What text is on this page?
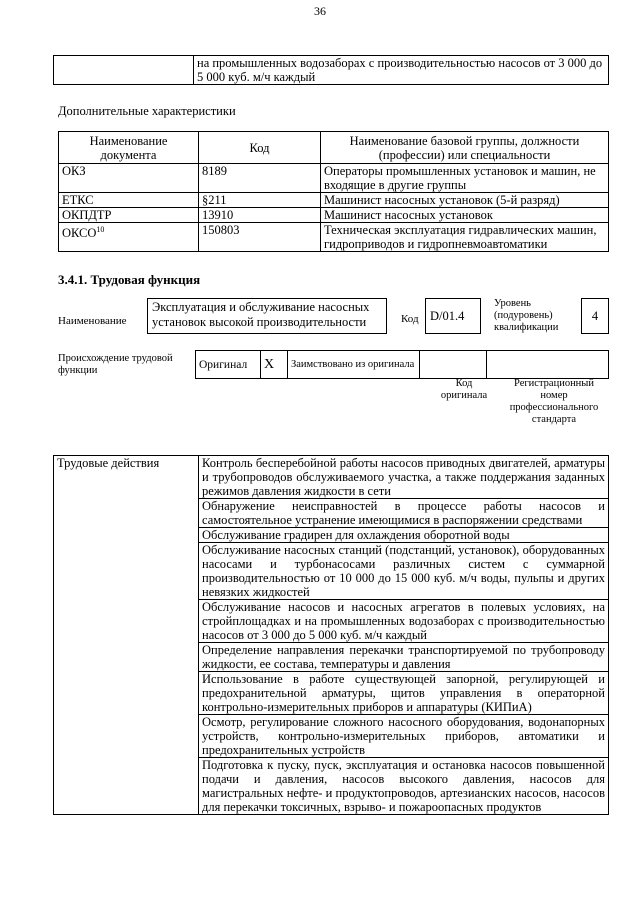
36
	на промышленных водозаборах с производительностью насосов от 3 000 до 5 000 куб. м/ч каждый
Дополнительные характеристики
Наименование документа	Код	Наименование базовой группы, должности (профессии) или специальности
ОКЗ	8189	Операторы промышленных установок и машин, не входящие в другие группы
ЕТКС	§211	Машинист насосных установок (5-й разряд)
ОКПДТР	13910	Машинист насосных установок
ОКСО$^{10}$	150803	Техническая эксплуатация гидравлических машин, гидроприводов и гидропневмоавтоматики
3.4.1. Трудовая функция
Наименование
Эксплуатация и обслуживание насосных установок высокой производительности	Код D/01.4
Уровень (подуровень) квалификации
4
Происхождение трудовой функции	Оригинал	X	Заимствовано из оригинала		
Код оригинала
Регистрационный номер профессионального стандарта
Трудовые действия	Контроль бесперебойной работы насосов приводных двигателей, арматуры и трубопроводов обслуживаемого участка, а также поддержания заданных режимов давления жидкости в сети
Обнаружение неисправностей в процессе работы насосов и самостоятельное устранение имеющимися в распоряжении средствами
Обслуживание градирен для охлаждения оборотной воды
Обслуживание насосных станций (подстанций, установок), оборудованных насосами и турбонасосами различных систем с суммарной производительностью от 10 000 до 15 000 куб. м/ч воды, пульпы и других невязких жидкостей
Обслуживание насосов и насосных агрегатов в полевых условиях, на стройплощадках и на промышленных водозаборах с производительностью насосов от 3 000 до 5 000 куб. м/ч каждый
Определение направления перекачки транспортируемой по трубопроводу жидкости, ее состава, температуры и давления
Использование в работе существующей запорной, регулирующей и предохранительной арматуры, щитов управления в операторной контрольно-измерительных приборов и аппаратуры (КИПиА)
Осмотр, регулирование сложного насосного оборудования, водонапорных устройств, контрольно-измерительных приборов, автоматики и предохранительных устройств
Подготовка к пуску, пуск, эксплуатация и остановка насосов повышенной подачи и давления, насосов высокого давления, насосов для магистральных нефте- и продуктопроводов, артезианских насосов, насосов для перекачки токсичных, взрыво- и пожароопасных продуктов
